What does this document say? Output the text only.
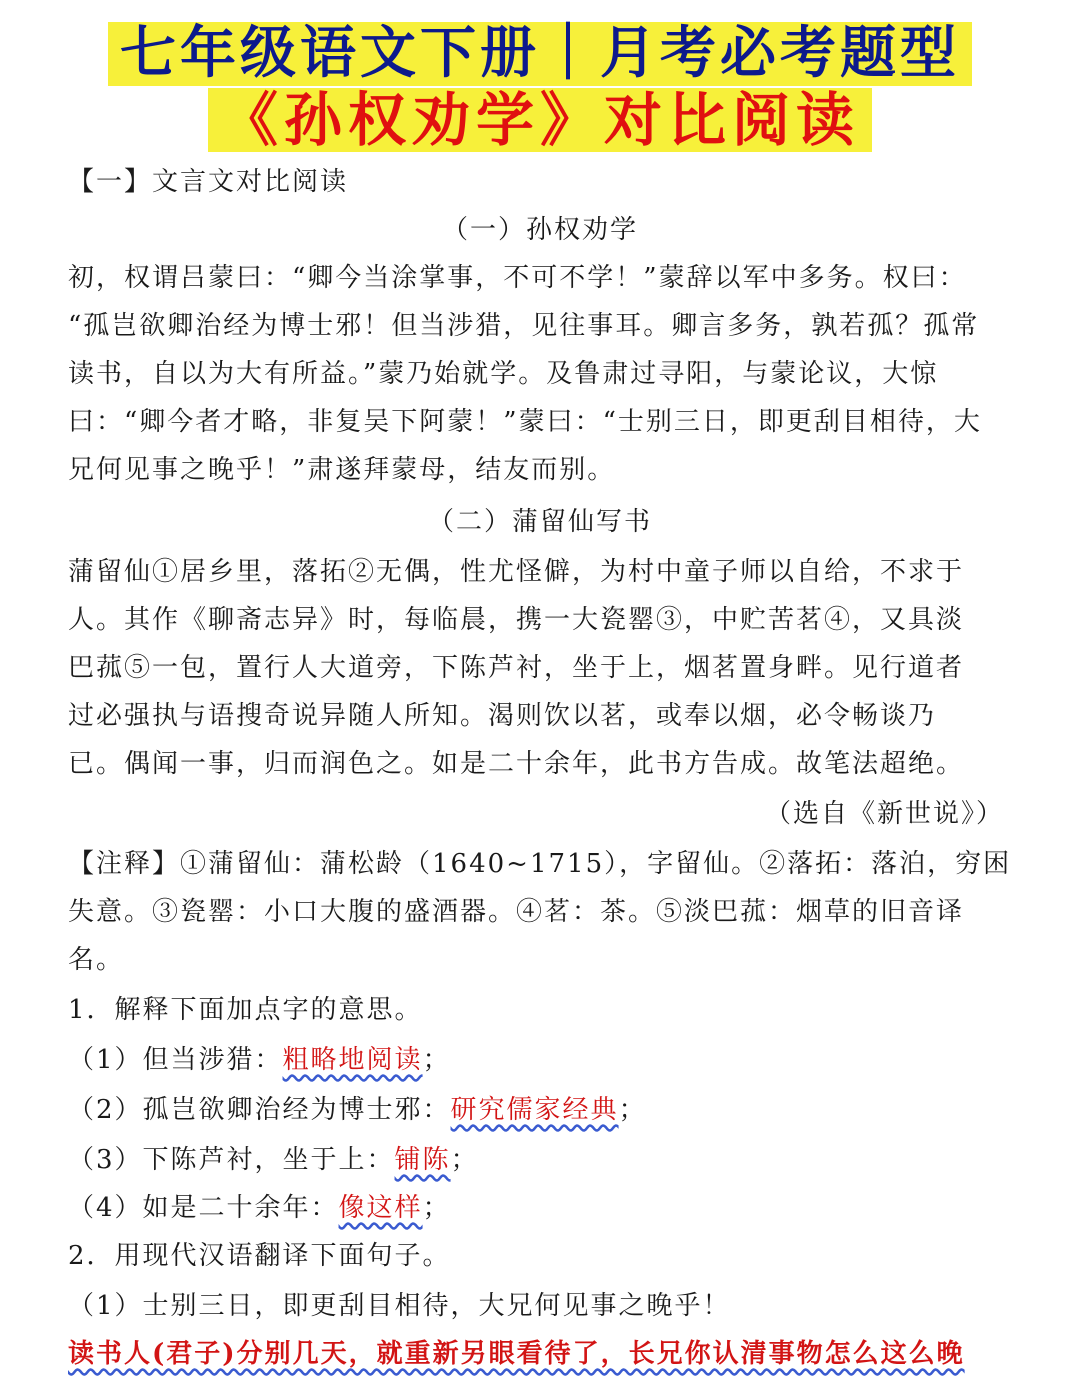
七年级语文下册｜月考必考题型
《孙权劝学》对比阅读
【一】文言文对比阅读
（一）孙权劝学
初，权谓吕蒙曰：“卿今当涂掌事，不可不学！”蒙辞以军中多务。权曰：
“孤岂欲卿治经为博士邪！但当涉猎，见往事耳。卿言多务，孰若孤？孤常
读书，自以为大有所益。”蒙乃始就学。及鲁肃过寻阳，与蒙论议，大惊
曰：“卿今者才略，非复吴下阿蒙！”蒙曰：“士别三日，即更刮目相待，大
兄何见事之晚乎！”肃遂拜蒙母，结友而别。
（二）蒲留仙写书
蒲留仙①居乡里，落拓②无偶，性尤怪僻，为村中童子师以自给，不求于
人。其作《聊斋志异》时，每临晨，携一大瓷罂③，中贮苦茗④，又具淡
巴菰⑤一包，置行人大道旁，下陈芦衬，坐于上，烟茗置身畔。见行道者
过必强执与语搜奇说异随人所知。渴则饮以茗，或奉以烟，必令畅谈乃
已。偶闻一事，归而润色之。如是二十余年，此书方告成。故笔法超绝。
（选自《新世说》）
【注释】①蒲留仙：蒲松龄（1640~1715），字留仙。②落拓：落泊，穷困
失意。③瓷罂：小口大腹的盛酒器。④茗：茶。⑤淡巴菰：烟草的旧音译
名。
1．解释下面加点字的意思。
（1）但当涉猎：粗略地阅读；
（2）孤岂欲卿治经为博士邪：研究儒家经典；
（3）下陈芦衬，坐于上：铺陈；
（4）如是二十余年：像这样；
2．用现代汉语翻译下面句子。
（1）士别三日，即更刮目相待，大兄何见事之晚乎！
读书人(君子)分别几天，就重新另眼看待了，长兄你认清事物怎么这么晚
